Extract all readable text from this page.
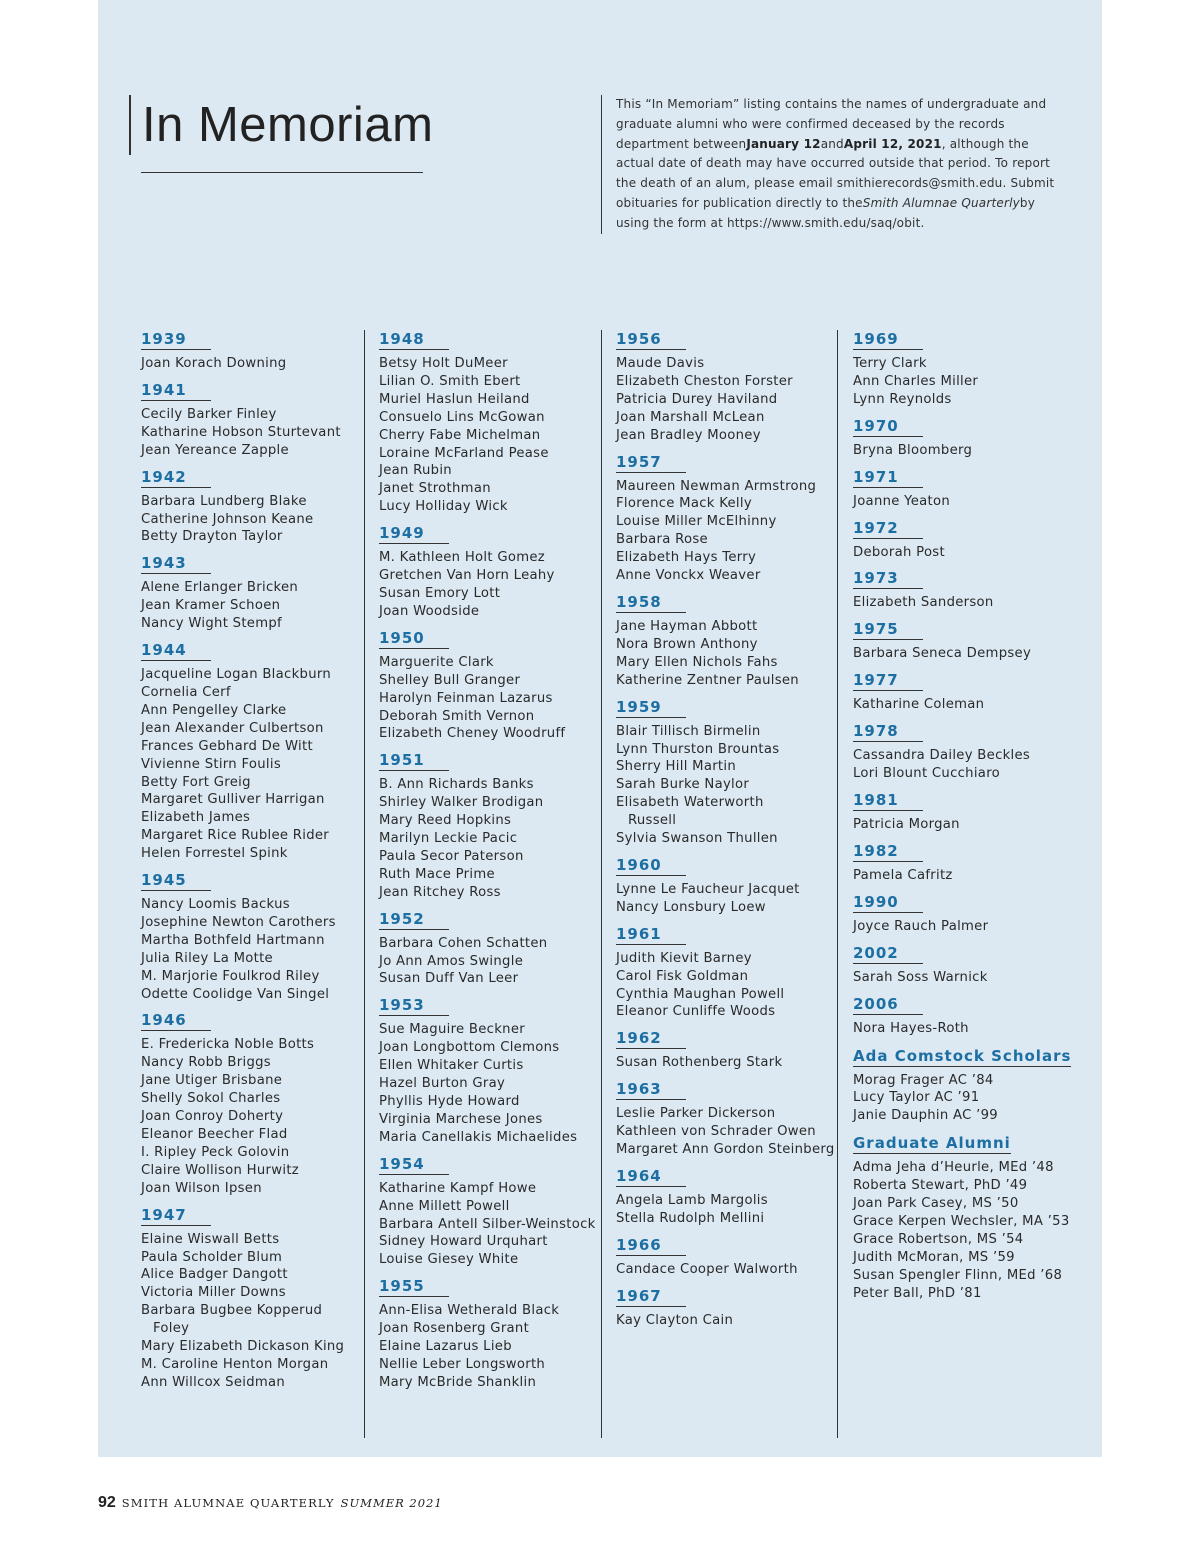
In Memoriam	This “In Memoriam” listing contains the names of undergraduate and graduate alumni who were confirmed deceased by the records department betweenJanuary 12andApril 12, 2021, although the actual date of death may have occurred outside that period. To report the death of an alum, please email smithierecords@smith.edu. Submit obituaries for publication directly to theSmith Alumnae Quarterlyby using the form at https://www.smith.edu/saq/obit.
1939
Joan Korach Downing
1941
Cecily Barker Finley
Katharine Hobson Sturtevant
Jean Yereance Zapple
1942
Barbara Lundberg Blake
Catherine Johnson Keane
Betty Drayton Taylor
1943
Alene Erlanger Bricken
Jean Kramer Schoen
Nancy Wight Stempf
1944
Jacqueline Logan Blackburn
Cornelia Cerf
Ann Pengelley Clarke
Jean Alexander Culbertson
Frances Gebhard De Witt
Vivienne Stirn Foulis
Betty Fort Greig
Margaret Gulliver Harrigan
Elizabeth James
Margaret Rice Rublee Rider
Helen Forrestel Spink
1945
Nancy Loomis Backus
Josephine Newton Carothers
Martha Bothfeld Hartmann
Julia Riley La Motte
M. Marjorie Foulkrod Riley
Odette Coolidge Van Singel
1946
E. Fredericka Noble Botts
Nancy Robb Briggs
Jane Utiger Brisbane
Shelly Sokol Charles
Joan Conroy Doherty
Eleanor Beecher Flad
I. Ripley Peck Golovin
Claire Wollison Hurwitz
Joan Wilson Ipsen
1947
Elaine Wiswall Betts
Paula Scholder Blum
Alice Badger Dangott
Victoria Miller Downs
Barbara Bugbee Kopperud
Foley
Mary Elizabeth Dickason King
M. Caroline Henton Morgan
Ann Willcox Seidman
1948
Betsy Holt DuMeer
Lilian O. Smith Ebert
Muriel Haslun Heiland
Consuelo Lins McGowan
Cherry Fabe Michelman
Loraine McFarland Pease
Jean Rubin
Janet Strothman
Lucy Holliday Wick
1949
M. Kathleen Holt Gomez
Gretchen Van Horn Leahy
Susan Emory Lott
Joan Woodside
1950
Marguerite Clark
Shelley Bull Granger
Harolyn Feinman Lazarus
Deborah Smith Vernon
Elizabeth Cheney Woodruff
1951
B. Ann Richards Banks
Shirley Walker Brodigan
Mary Reed Hopkins
Marilyn Leckie Pacic
Paula Secor Paterson
Ruth Mace Prime
Jean Ritchey Ross
1952
Barbara Cohen Schatten
Jo Ann Amos Swingle
Susan Duff Van Leer
1953
Sue Maguire Beckner
Joan Longbottom Clemons
Ellen Whitaker Curtis
Hazel Burton Gray
Phyllis Hyde Howard
Virginia Marchese Jones
Maria Canellakis Michaelides
1954
Katharine Kampf Howe
Anne Millett Powell
Barbara Antell Silber-Weinstock
Sidney Howard Urquhart
Louise Giesey White
1955
Ann-Elisa Wetherald Black
Joan Rosenberg Grant
Elaine Lazarus Lieb
Nellie Leber Longsworth
Mary McBride Shanklin
1956
Maude Davis
Elizabeth Cheston Forster
Patricia Durey Haviland
Joan Marshall McLean
Jean Bradley Mooney
1957
Maureen Newman Armstrong
Florence Mack Kelly
Louise Miller McElhinny
Barbara Rose
Elizabeth Hays Terry
Anne Vonckx Weaver
1958
Jane Hayman Abbott
Nora Brown Anthony
Mary Ellen Nichols Fahs
Katherine Zentner Paulsen
1959
Blair Tillisch Birmelin
Lynn Thurston Brountas
Sherry Hill Martin
Sarah Burke Naylor
Elisabeth Waterworth
Russell
Sylvia Swanson Thullen
1960
Lynne Le Faucheur Jacquet
Nancy Lonsbury Loew
1961
Judith Kievit Barney
Carol Fisk Goldman
Cynthia Maughan Powell
Eleanor Cunliffe Woods
1962
Susan Rothenberg Stark
1963
Leslie Parker Dickerson
Kathleen von Schrader Owen
Margaret Ann Gordon Steinberg
1964
Angela Lamb Margolis
Stella Rudolph Mellini
1966
Candace Cooper Walworth
1967
Kay Clayton Cain
1969
Terry Clark
Ann Charles Miller
Lynn Reynolds
1970
Bryna Bloomberg
1971
Joanne Yeaton
1972
Deborah Post
1973
Elizabeth Sanderson
1975
Barbara Seneca Dempsey
1977
Katharine Coleman
1978
Cassandra Dailey Beckles
Lori Blount Cucchiaro
1981
Patricia Morgan
1982
Pamela Cafritz
1990
Joyce Rauch Palmer
2002
Sarah Soss Warnick
2006
Nora Hayes-Roth
Ada Comstock Scholars
Morag Frager AC ’84
Lucy Taylor AC ’91
Janie Dauphin AC ’99
Graduate Alumni
Adma Jeha d’Heurle, MEd ’48
Roberta Stewart, PhD ’49
Joan Park Casey, MS ’50
Grace Kerpen Wechsler, MA ’53
Grace Robertson, MS ’54
Judith McMoran, MS ’59
Susan Spengler Flinn, MEd ’68
Peter Ball, PhD ’81
92 SMITH ALUMNAE QUARTERLY SUMMER 2021
